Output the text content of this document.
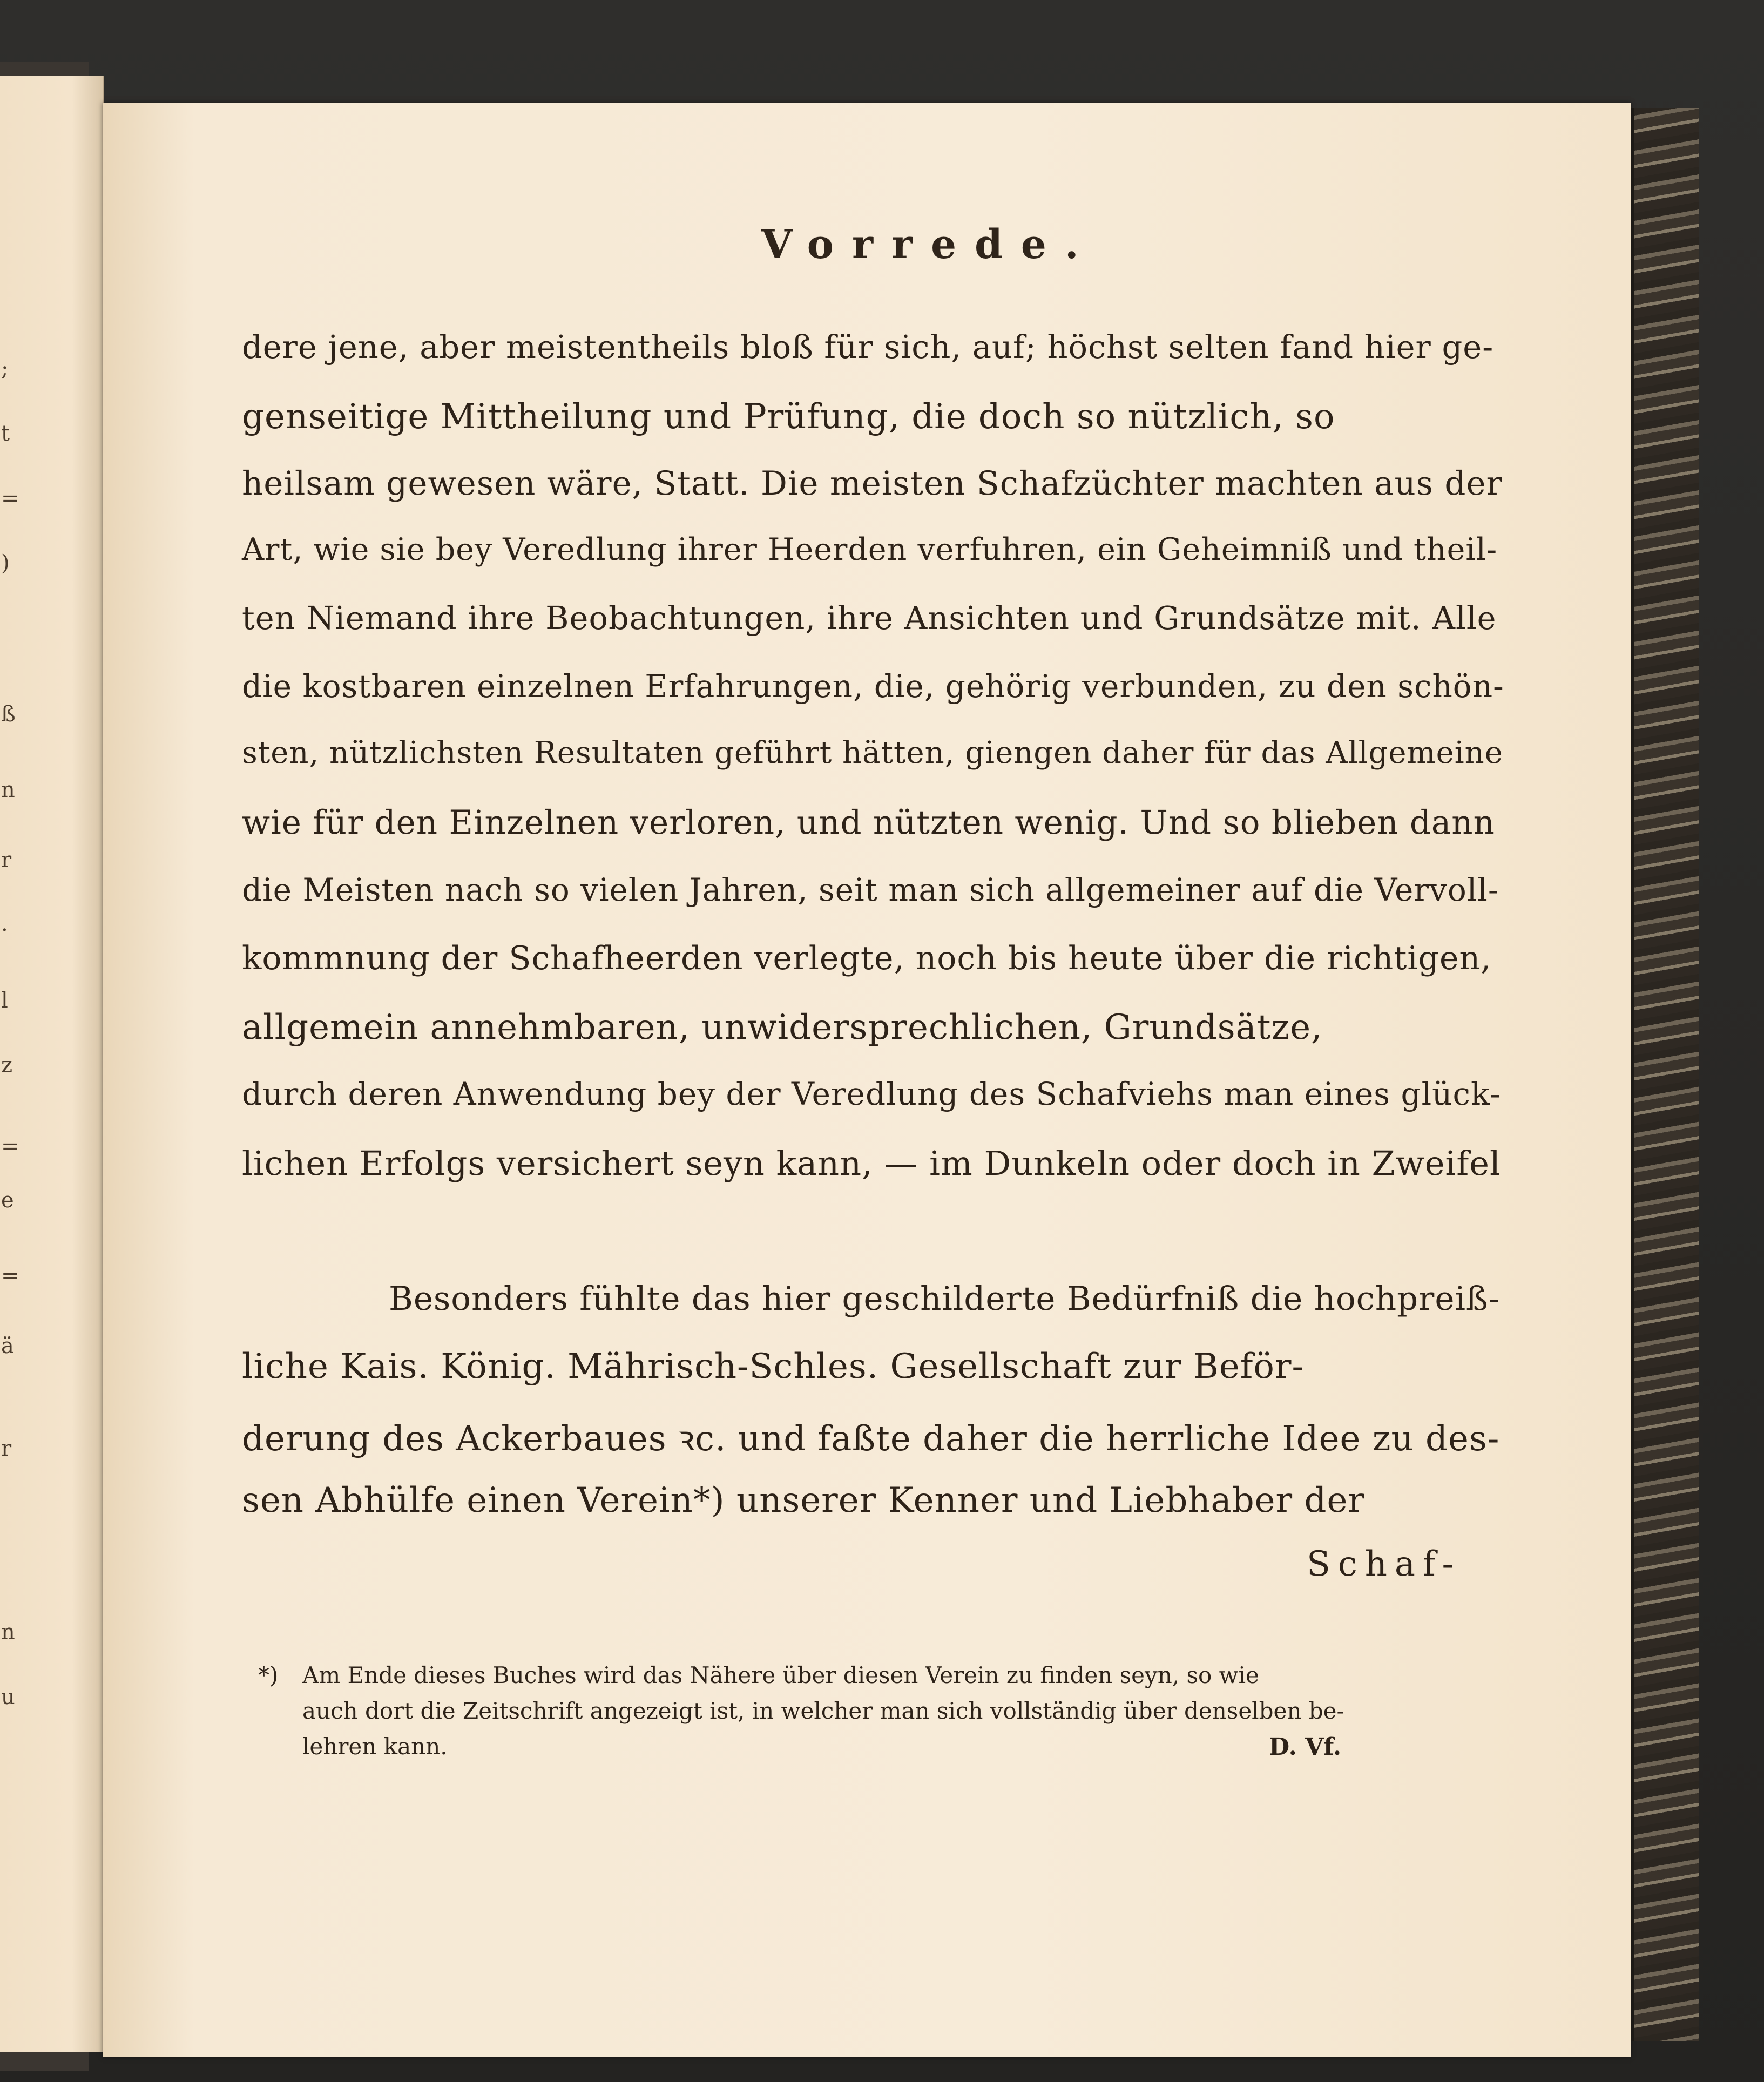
;
t
=
)
ß
n
r
·
l
z
=
e
=
ä
r
n
u
Vorrede.
dere jene, aber meistentheils bloß für sich, auf; höchst selten fand hier ge-
genseitige Mittheilung und Prüfung, die doch so nützlich, so
heilsam gewesen wäre, Statt. Die meisten Schafzüchter machten aus der
Art, wie sie bey Veredlung ihrer Heerden verfuhren, ein Geheimniß und theil-
ten Niemand ihre Beobachtungen, ihre Ansichten und Grundsätze mit. Alle
die kostbaren einzelnen Erfahrungen, die, gehörig verbunden, zu den schön-
sten, nützlichsten Resultaten geführt hätten, giengen daher für das Allgemeine
wie für den Einzelnen verloren, und nützten wenig. Und so blieben dann
die Meisten nach so vielen Jahren, seit man sich allgemeiner auf die Vervoll-
kommnung der Schafheerden verlegte, noch bis heute über die richtigen,
allgemein annehmbaren, unwidersprechlichen, Grundsätze,
durch deren Anwendung bey der Veredlung des Schafviehs man eines glück-
lichen Erfolgs versichert seyn kann, — im Dunkeln oder doch in Zweifel
Besonders fühlte das hier geschilderte Bedürfniß die hochpreiß-
liche Kais. König. Mährisch-Schles. Gesellschaft zur Beför-
derung des Ackerbaues ꝛc. und faßte daher die herrliche Idee zu des-
sen Abhülfe einen Verein*) unserer Kenner und Liebhaber der
Schaf-
*) Am Ende dieses Buches wird das Nähere über diesen Verein zu finden seyn, so wie
auch dort die Zeitschrift angezeigt ist, in welcher man sich vollständig über denselben be-
lehren kann.	D. Vf.
